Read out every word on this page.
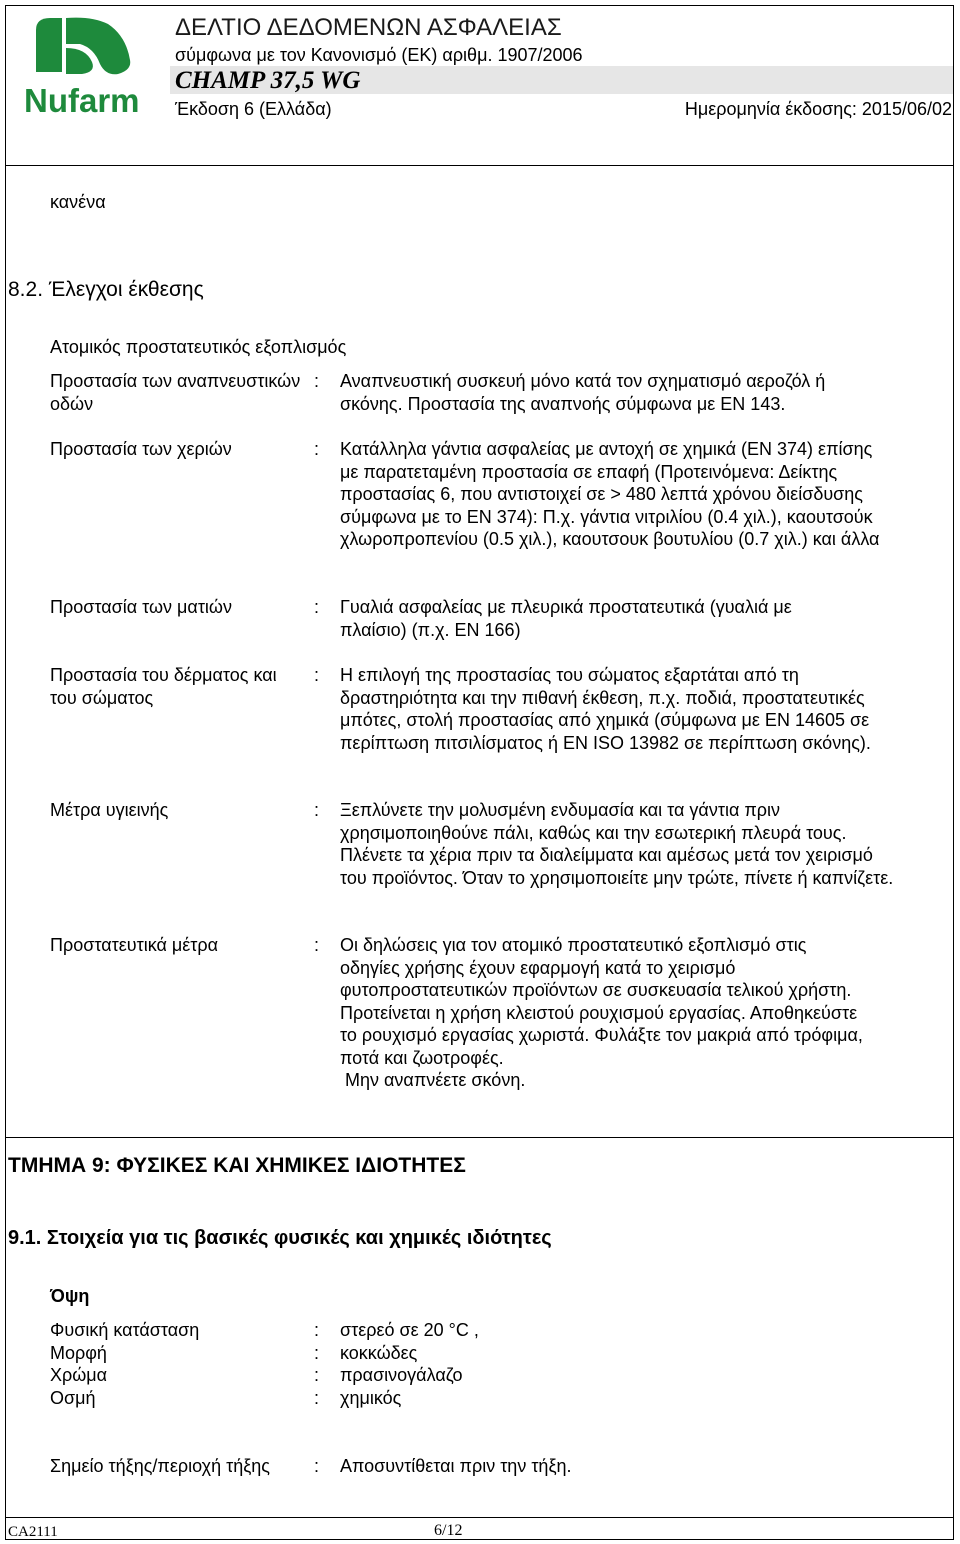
Nufarm
ΔΕΛΤΙΟ ΔΕΔΟΜΕΝΩΝ ΑΣΦΑΛΕΙΑΣ
σύμφωνα με τον Κανονισμό (ΕΚ) αριθμ. 1907/2006
CHAMP 37,5 WG
Έκδοση 6 (Ελλάδα)	Ημερομηνία έκδοσης: 2015/06/02
κανένα
8.2. Έλεγχοι έκθεσης
Ατομικός προστατευτικός εξοπλισμός
Προστασία των αναπνευστικών οδών
: Αναπνευστική συσκευή μόνο κατά τον σχηματισμό αεροζόλ ή σκόνης. Προστασία της αναπνοής σύμφωνα με EN 143.
Προστασία των χεριών	: Κατάλληλα γάντια ασφαλείας με αντοχή σε χημικά (EN 374) επίσης με παρατεταμένη προστασία σε επαφή (Προτεινόμενα: Δείκτης προστασίας 6, που αντιστοιχεί σε > 480 λεπτά χρόνου διείσδυσης σύμφωνα με το EN 374): Π.χ. γάντια νιτριλίου (0.4 χιλ.), καουτσούκ χλωροπροπενίου (0.5 χιλ.), καουτσουκ βουτυλίου (0.7 χιλ.) και άλλα
Προστασία των ματιών	: Γυαλιά ασφαλείας με πλευρικά προστατευτικά (γυαλιά με πλαίσιο) (π.χ. EN 166)
Προστασία του δέρματος και του σώματος
: Η επιλογή της προστασίας του σώματος εξαρτάται από τη δραστηριότητα και την πιθανή έκθεση, π.χ. ποδιά, προστατευτικές μπότες, στολή προστασίας από χημικά (σύμφωνα με EN 14605 σε περίπτωση πιτσιλίσματος ή EN ISO 13982 σε περίπτωση σκόνης).
Μέτρα υγιεινής	: Ξεπλύνετε την μολυσμένη ενδυμασία και τα γάντια πριν χρησιμοποιηθούνε πάλι, καθώς και την εσωτερική πλευρά τους. Πλένετε τα χέρια πριν τα διαλείμματα και αμέσως μετά τον χειρισμό του προϊόντος. Όταν το χρησιμοποιείτε μην τρώτε, πίνετε ή καπνίζετε.
Προστατευτικά μέτρα	: Οι δηλώσεις για τον ατομικό προστατευτικό εξοπλισμό στις οδηγίες χρήσης έχουν εφαρμογή κατά το χειρισμό φυτοπροστατευτικών προϊόντων σε συσκευασία τελικού χρήστη. Προτείνεται η χρήση κλειστού ρουχισμού εργασίας. Αποθηκεύστε το ρουχισμό εργασίας χωριστά. Φυλάξτε τον μακριά από τρόφιμα, ποτά και ζωοτροφές.
Μην αναπνέετε σκόνη.
ΤΜΗΜΑ 9: ΦΥΣΙΚΕΣ ΚΑΙ ΧΗΜΙΚΕΣ ΙΔΙΟΤΗΤΕΣ
9.1. Στοιχεία για τις βασικές φυσικές και χημικές ιδιότητες
Όψη
Φυσική κατάσταση	: στερεό σε 20 °C ,
Μορφή	: κοκκώδες
Χρώμα	: πρασινογάλαζο
Οσμή	: χημικός
Σημείο τήξης/περιοχή τήξης : Αποσυντίθεται πριν την τήξη.
CA2111	6/12
